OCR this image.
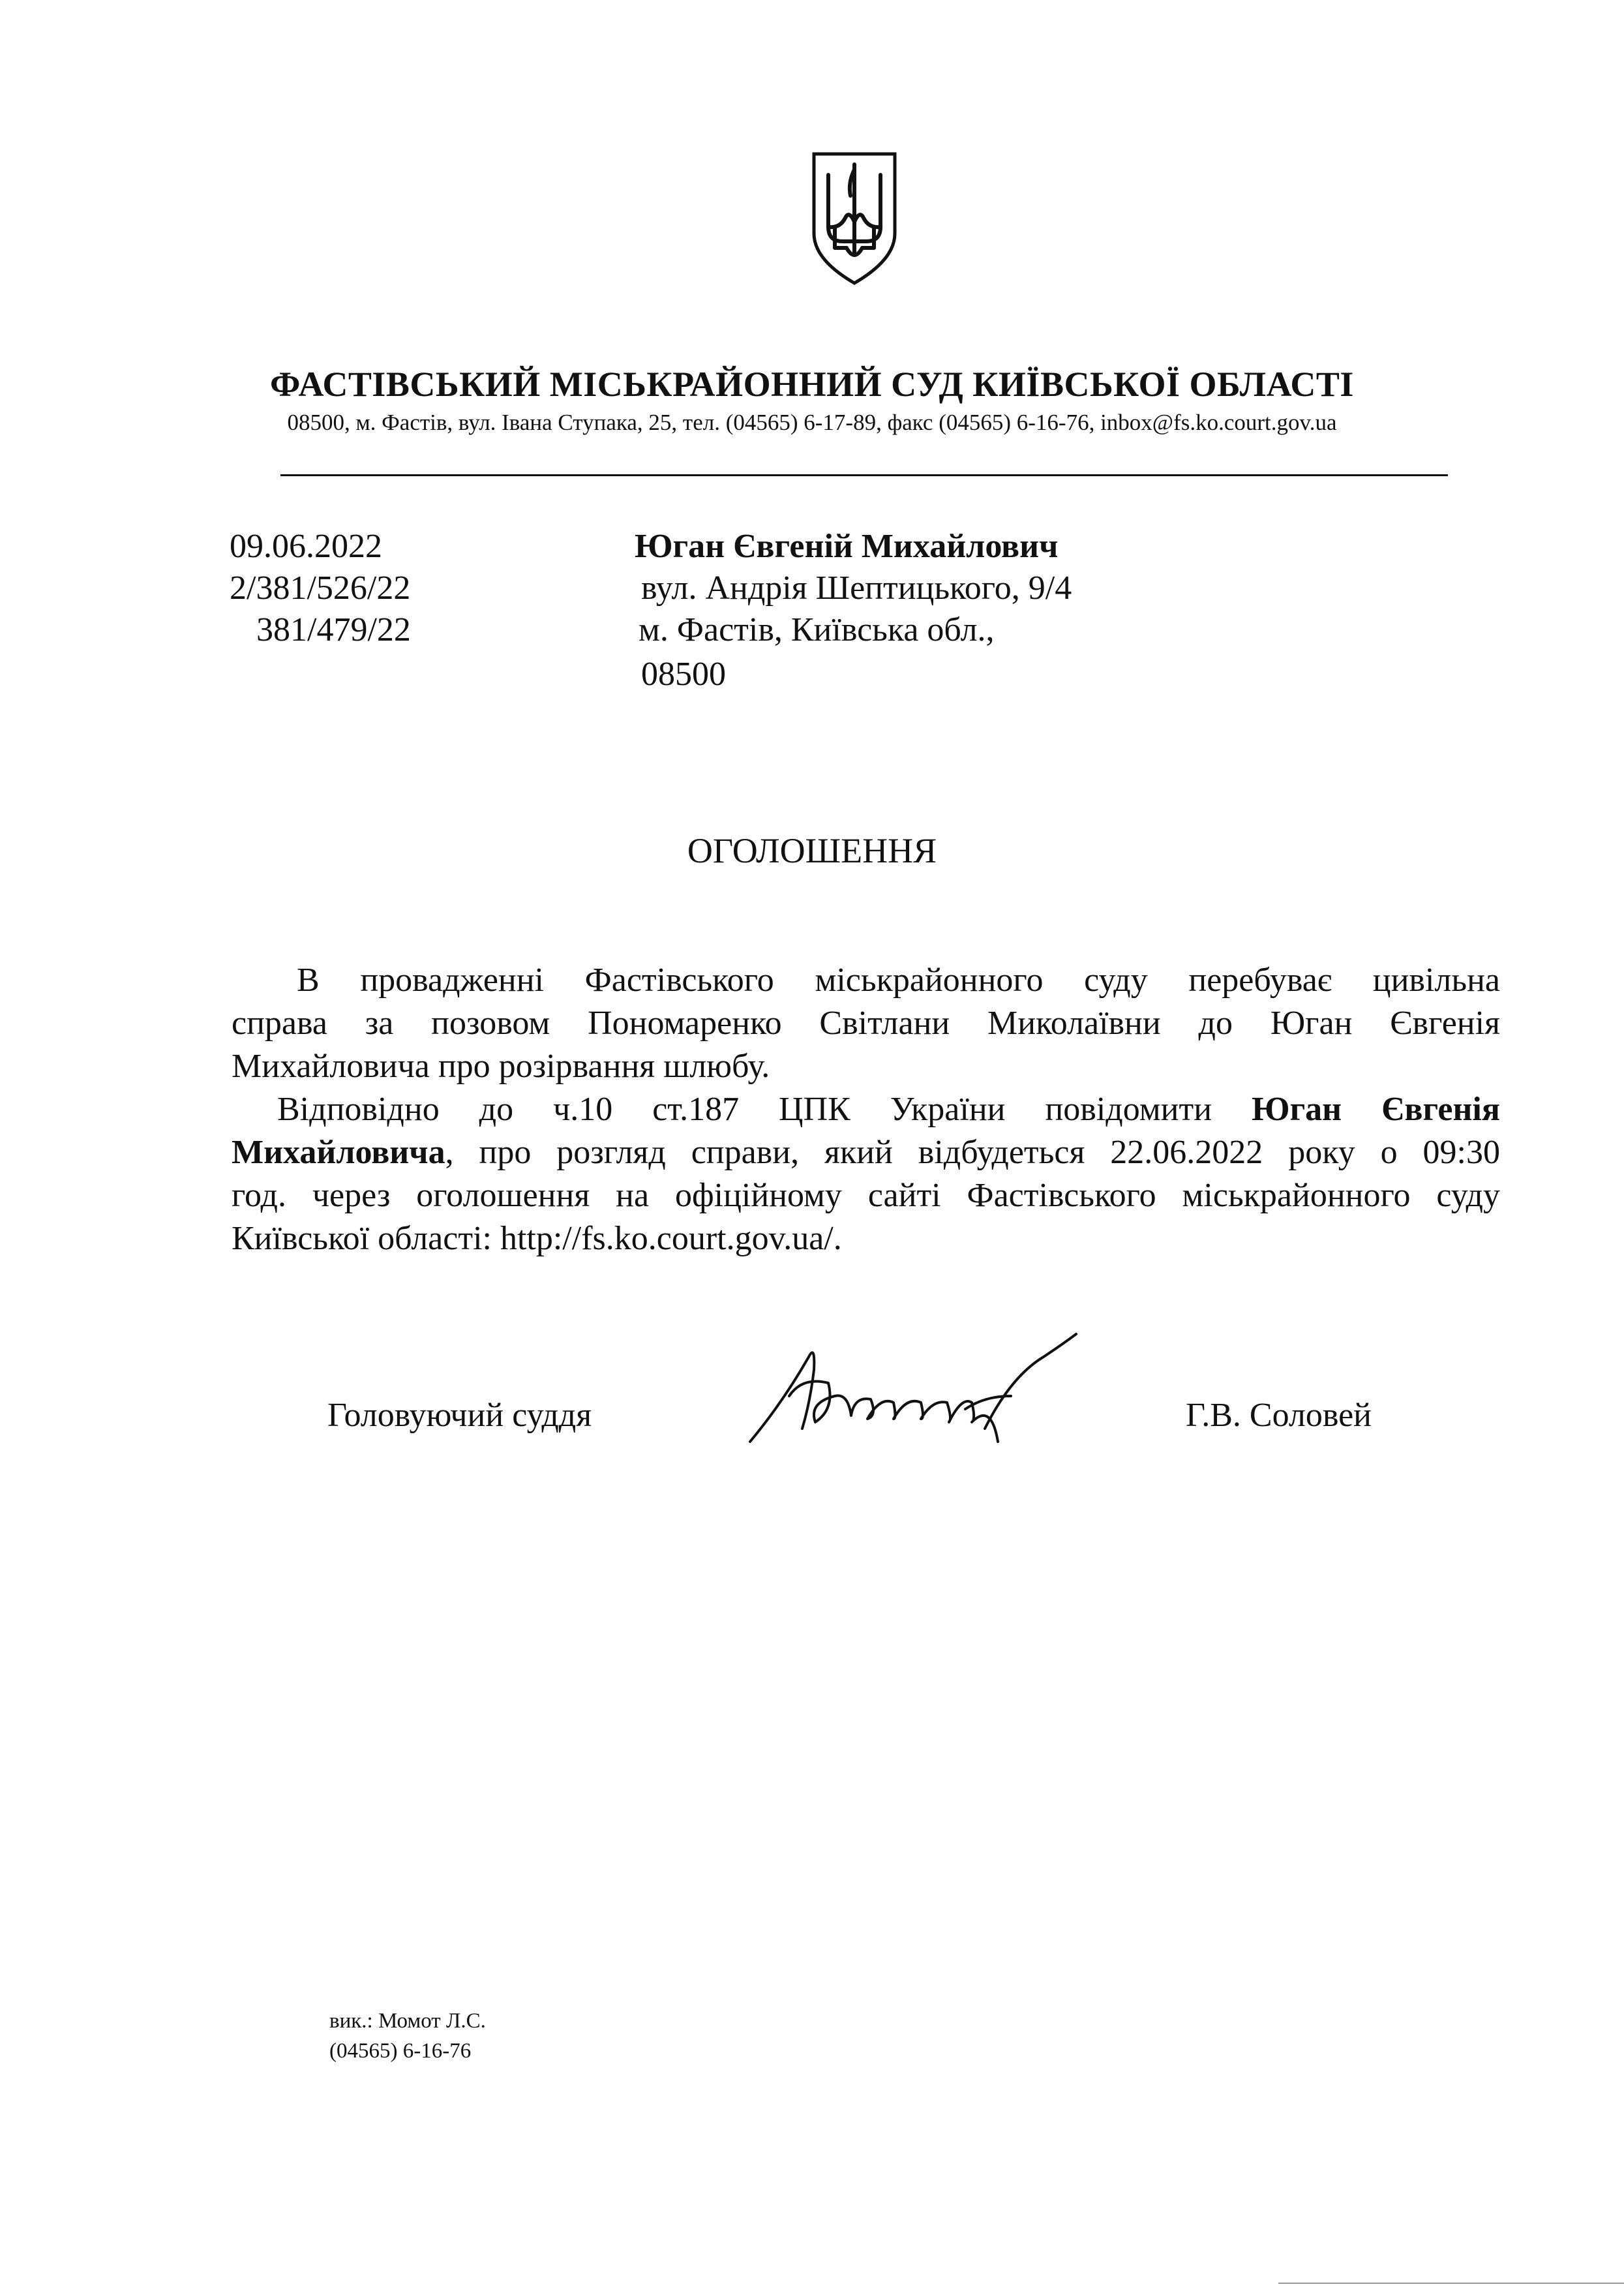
ФАСТІВСЬКИЙ МІСЬКРАЙОННИЙ СУД КИЇВСЬКОЇ ОБЛАСТІ
08500, м. Фастів, вул. Івана Ступака, 25, тел. (04565) 6-17-89, факс (04565) 6-16-76, inbox@fs.ko.court.gov.ua
09.06.2022
2/381/526/22
381/479/22
Юган Євгеній Михайлович
вул. Андрія Шептицького, 9/4
м. Фастів, Київська обл.,
08500
ОГОЛОШЕННЯ
В провадженні Фастівського міськрайонного суду перебуває цивільна
справа за позовом Пономаренко Світлани Миколаївни до Юган Євгенія
Михайловича про розірвання шлюбу.
Відповідно до ч.10 ст.187 ЦПК України повідомити Юган Євгенія
Михайловича, про розгляд справи, який відбудеться 22.06.2022 року о 09:30
год. через оголошення на офіційному сайті Фастівського міськрайонного суду
Київської області: http://fs.ko.court.gov.ua/.
Головуючий суддя	Г.В. Соловей
вик.: Момот Л.С.
(04565) 6-16-76
